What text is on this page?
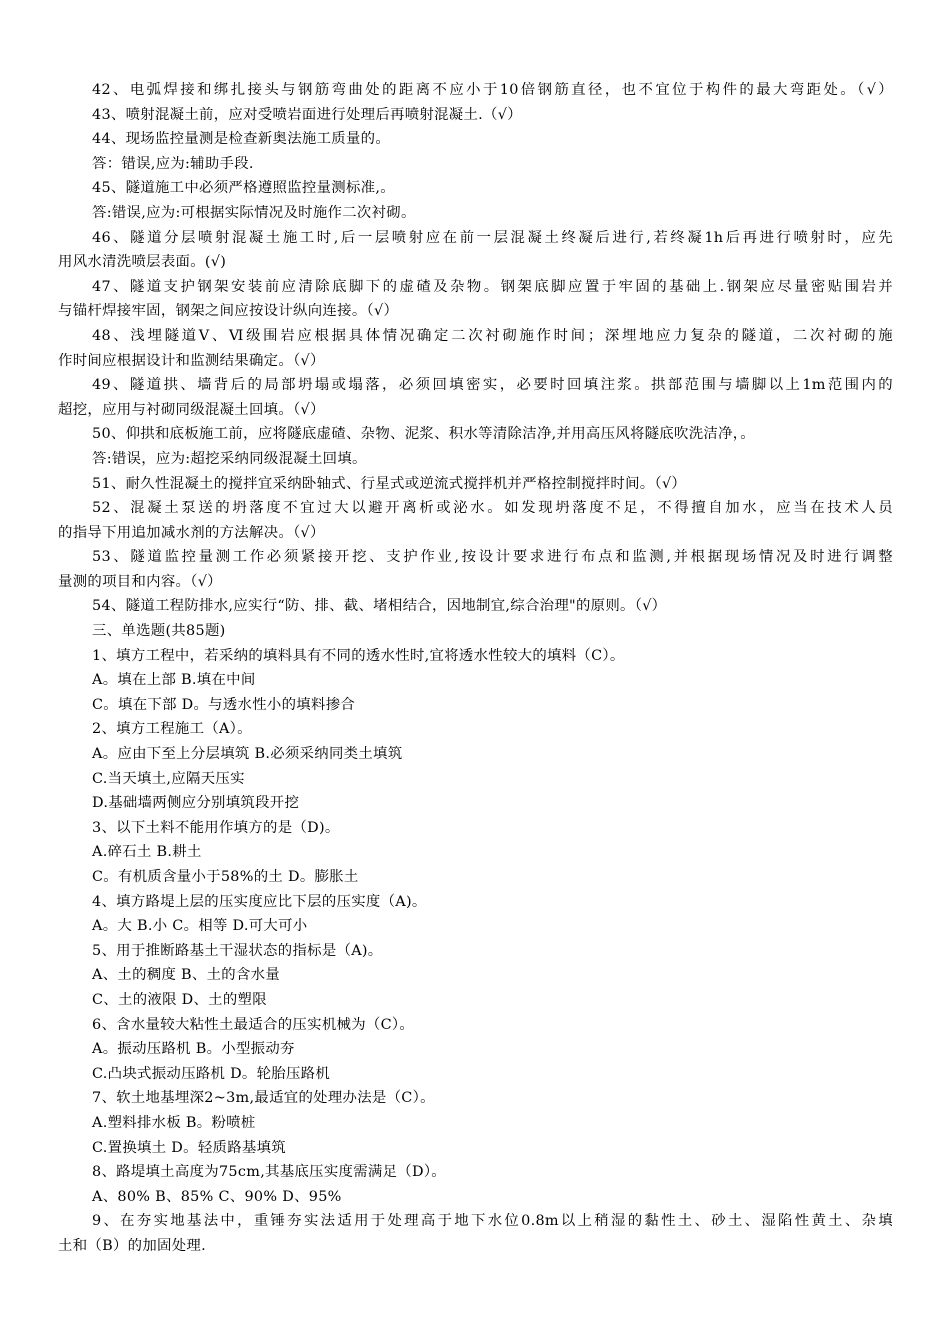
42、电弧焊接和绑扎接头与钢筋弯曲处的距离不应小于10倍钢筋直径，也不宜位于构件的最大弯距处。（√）
43、喷射混凝土前，应对受喷岩面进行处理后再喷射混凝土.（√）
44、现场监控量测是检查新奥法施工质量的。
答：错误,应为:辅助手段.
45、隧道施工中必须严格遵照监控量测标准,。
答:错误,应为:可根据实际情况及时施作二次衬砌。
46、隧道分层喷射混凝土施工时,后一层喷射应在前一层混凝土终凝后进行,若终凝1h后再进行喷射时，应先
用风水清洗喷层表面。(√)
47、隧道支护钢架安装前应清除底脚下的虚碴及杂物。钢架底脚应置于牢固的基础上.钢架应尽量密贴围岩并
与锚杆焊接牢固，钢架之间应按设计纵向连接。（√）
48、浅埋隧道Ⅴ、Ⅵ级围岩应根据具体情况确定二次衬砌施作时间；深埋地应力复杂的隧道，二次衬砌的施
作时间应根据设计和监测结果确定。（√）
49、隧道拱、墙背后的局部坍塌或塌落，必须回填密实，必要时回填注浆。拱部范围与墙脚以上1m范围内的
超挖，应用与衬砌同级混凝土回填。（√）
50、仰拱和底板施工前，应将隧底虚碴、杂物、泥浆、积水等清除洁净,并用高压风将隧底吹洗洁净，。
答:错误，应为:超挖采纳同级混凝土回填。
51、耐久性混凝土的搅拌宜采纳卧轴式、行星式或逆流式搅拌机并严格控制搅拌时间。（√）
52、混凝土泵送的坍落度不宜过大以避开离析或泌水。如发现坍落度不足，不得擅自加水，应当在技术人员
的指导下用追加减水剂的方法解决。（√）
53、隧道监控量测工作必须紧接开挖、支护作业,按设计要求进行布点和监测,并根据现场情况及时进行调整
量测的项目和内容。（√）
54、隧道工程防排水,应实行“防、排、截、堵相结合，因地制宜,综合治理"的原则。（√）
三、单选题(共85题)
1、填方工程中，若采纳的填料具有不同的透水性时,宜将透水性较大的填料（C）。
A。填在上部 B.填在中间
C。填在下部 D。与透水性小的填料掺合
2、填方工程施工（A）。
A。应由下至上分层填筑 B.必须采纳同类土填筑
C.当天填土,应隔天压实
D.基础墙两侧应分别填筑段开挖
3、以下土料不能用作填方的是（D)。
A.碎石土 B.耕土
C。有机质含量小于58%的土 D。膨胀土
4、填方路堤上层的压实度应比下层的压实度（A)。
A。大 B.小 C。相等 D.可大可小
5、用于推断路基土干湿状态的指标是（A)。
A、土的稠度 B、土的含水量
C、土的液限 D、土的塑限
6、含水量较大粘性土最适合的压实机械为（C）。
A。振动压路机 B。小型振动夯
C.凸块式振动压路机 D。轮胎压路机
7、软土地基埋深2~3m,最适宜的处理办法是（C）。
A.塑料排水板 B。粉喷桩
C.置换填土 D。轻质路基填筑
8、路堤填土高度为75cm,其基底压实度需满足（D）。
A、80% B、85% C、90% D、95%
9、在夯实地基法中，重锤夯实法适用于处理高于地下水位0.8m以上稍湿的黏性土、砂土、湿陷性黄土、杂填
土和（B）的加固处理.
